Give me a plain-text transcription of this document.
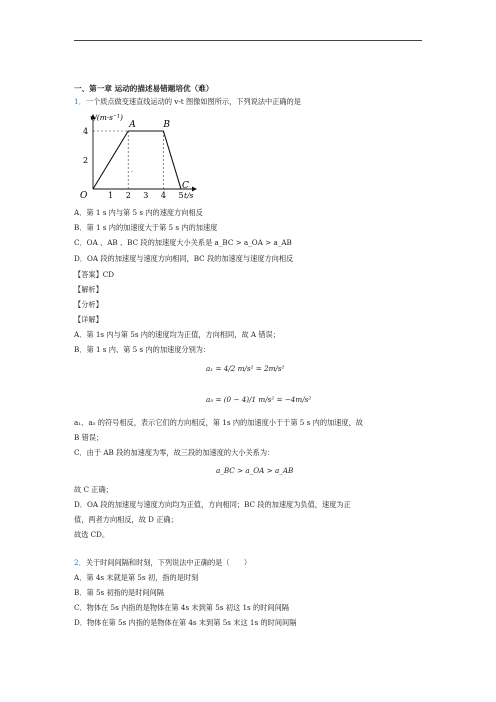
一、第一章 运动的描述易错题培优（难）
1．一个质点做变速直线运动的 v-t 图像如图所示，下列说法中正确的是
O
A	B
C
4
2
1 2 3 4 5
v/(m·s⁻¹)
t/s
·
A．第 1 s 内与第 5 s 内的速度方向相反
B．第 1 s 内的加速度大于第 5 s 内的加速度
C．OA 、AB 、BC 段的加速度大小关系是 a_BC > a_OA > a_AB
D．OA 段的加速度与速度方向相同，BC 段的加速度与速度方向相反
【答案】CD
【解析】
【分析】
【详解】
A．第 1s 内与第 5s 内的速度均为正值，方向相同，故 A 错误；
B．第 1 s 内、第 5 s 内的加速度分别为：
a₁ = 4/2 m/s² = 2m/s²
a₅ = (0 − 4)/1 m/s² = −4m/s²
a₁、a₅ 的符号相反，表示它们的方向相反，第 1s 内的加速度小于于第 5 s 内的加速度，故
B 错误；
C．由于 AB 段的加速度为零，故三段的加速度的大小关系为：
a_BC > a_OA > a_AB
故 C 正确；
D．OA 段的加速度与速度方向均为正值，方向相同；BC 段的加速度为负值，速度为正
值，两者方向相反，故 D 正确；
故选 CD。
2．关于时间间隔和时刻，下列说法中正确的是（　　）
A．第 4s 末就是第 5s 初，指的是时刻
B．第 5s 初指的是时间间隔
C．物体在 5s 内指的是物体在第 4s 末到第 5s 初这 1s 的时间间隔
D．物体在第 5s 内指的是物体在第 4s 末到第 5s 末这 1s 的时间间隔
